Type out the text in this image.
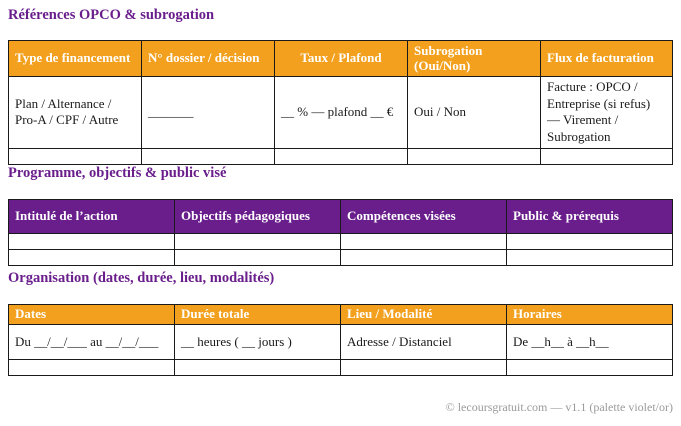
Références OPCO & subrogation
Type de financement	N° dossier / décision	Taux / Plafond	Subrogation (Oui/Non)	Flux de facturation
Plan / Alternance / Pro-A / CPF / Autre	_______	__ % — plafond __ €	Oui / Non	Facture : OPCO / Entreprise (si refus) — Virement / Subrogation

Programme, objectifs & public visé
Intitulé de l’action	Objectifs pédagogiques	Compétences visées	Public & prérequis

Organisation (dates, durée, lieu, modalités)
Dates	Durée totale	Lieu / Modalité	Horaires
Du __/__/___ au __/__/___	__ heures ( __ jours )	Adresse / Distanciel	De __h__ à __h__

© lecoursgratuit.com — v1.1 (palette violet/or)
